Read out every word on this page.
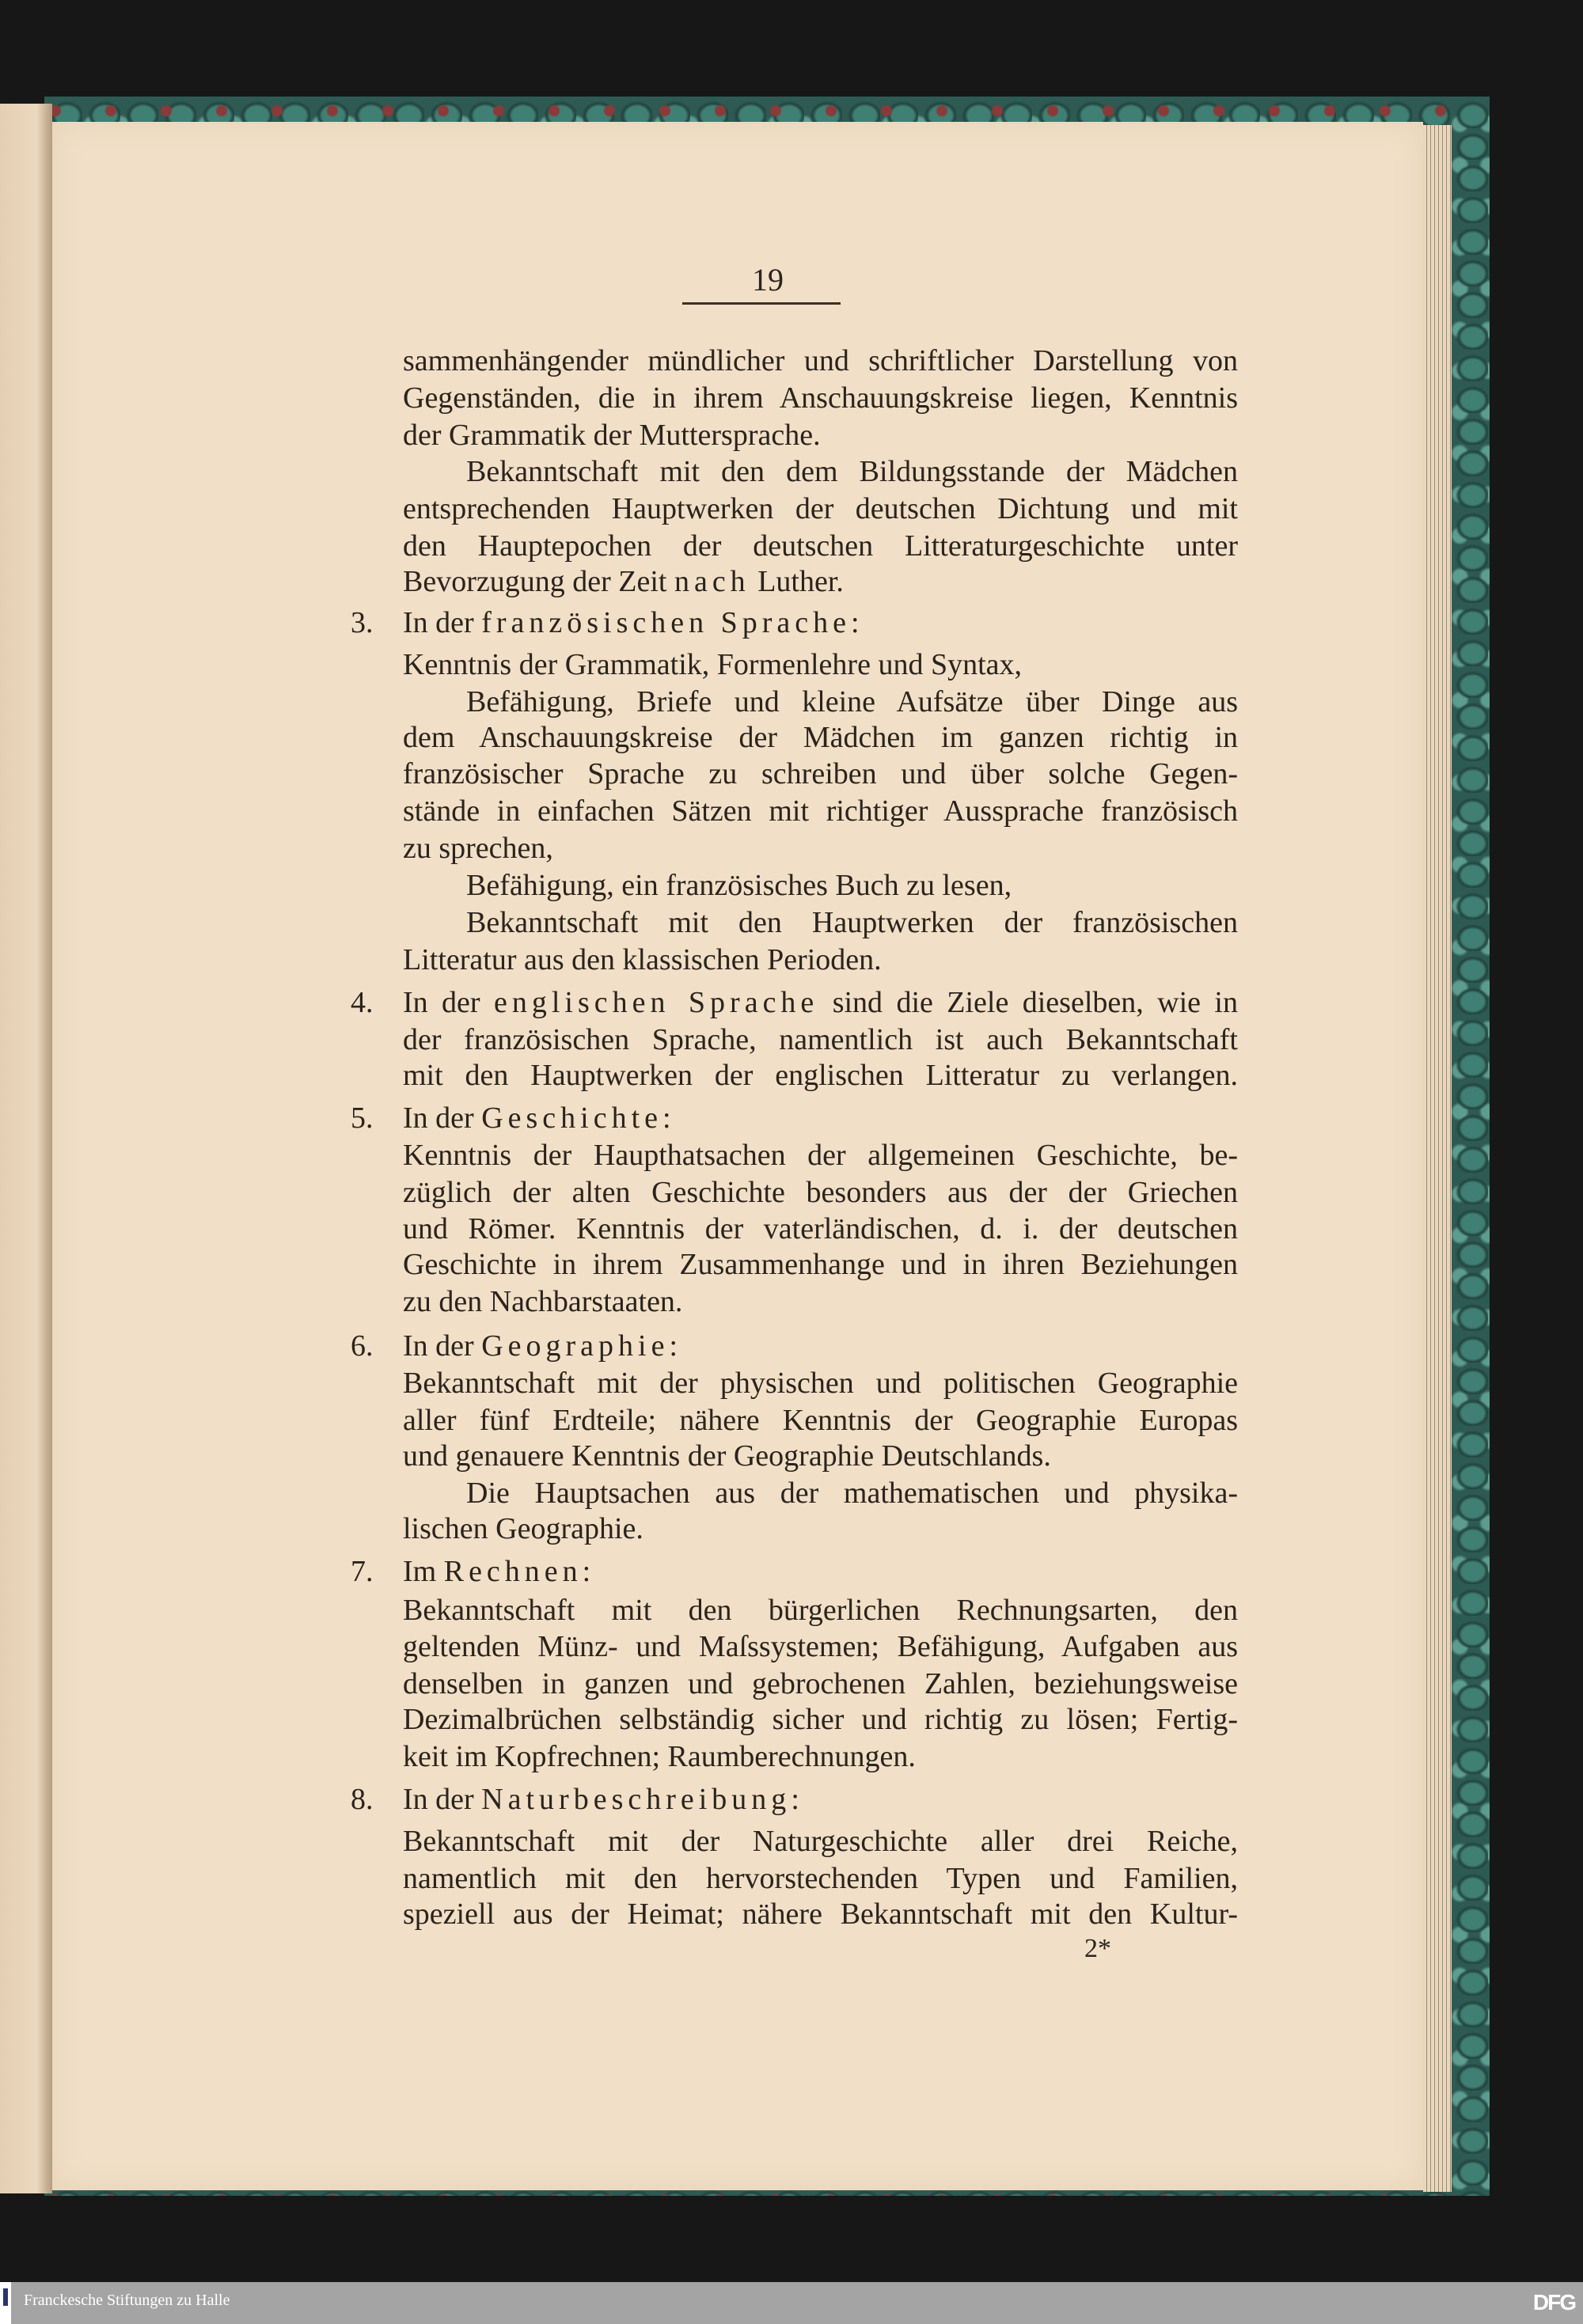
19
sammenhängender mündlicher und schriftlicher Darstellung von
Gegenständen, die in ihrem Anschauungskreise liegen, Kenntnis
der Grammatik der Muttersprache.
Bekanntschaft mit den dem Bildungsstande der Mädchen
entsprechenden Hauptwerken der deutschen Dichtung und mit
den Hauptepochen der deutschen Litteraturgeschichte unter
Bevorzugung der Zeit nach Luther.
3. In der französischen Sprache:
Kenntnis der Grammatik, Formenlehre und Syntax,
Befähigung, Briefe und kleine Aufsätze über Dinge aus
dem Anschauungskreise der Mädchen im ganzen richtig in
französischer Sprache zu schreiben und über solche Gegen-
stände in einfachen Sätzen mit richtiger Aussprache französisch
zu sprechen,
Befähigung, ein französisches Buch zu lesen,
Bekanntschaft mit den Hauptwerken der französischen
Litteratur aus den klassischen Perioden.
4. In der englischen Sprache sind die Ziele dieselben, wie in
der französischen Sprache, namentlich ist auch Bekanntschaft
mit den Hauptwerken der englischen Litteratur zu verlangen.
5. In der Geschichte:
Kenntnis der Haupthatsachen der allgemeinen Geschichte, be-
züglich der alten Geschichte besonders aus der der Griechen
und Römer. Kenntnis der vaterländischen, d. i. der deutschen
Geschichte in ihrem Zusammenhange und in ihren Beziehungen
zu den Nachbarstaaten.
6. In der Geographie:
Bekanntschaft mit der physischen und politischen Geographie
aller fünf Erdteile; nähere Kenntnis der Geographie Europas
und genauere Kenntnis der Geographie Deutschlands.
Die Hauptsachen aus der mathematischen und physika-
lischen Geographie.
7. Im Rechnen:
Bekanntschaft mit den bürgerlichen Rechnungsarten, den
geltenden Münz- und Maſssystemen; Befähigung, Aufgaben aus
denselben in ganzen und gebrochenen Zahlen, beziehungsweise
Dezimalbrüchen selbständig sicher und richtig zu lösen; Fertig-
keit im Kopfrechnen; Raumberechnungen.
8. In der Naturbeschreibung:
Bekanntschaft mit der Naturgeschichte aller drei Reiche,
namentlich mit den hervorstechenden Typen und Familien,
speziell aus der Heimat; nähere Bekanntschaft mit den Kultur-
2*
Franckesche Stiftungen zu Halle	DFG
